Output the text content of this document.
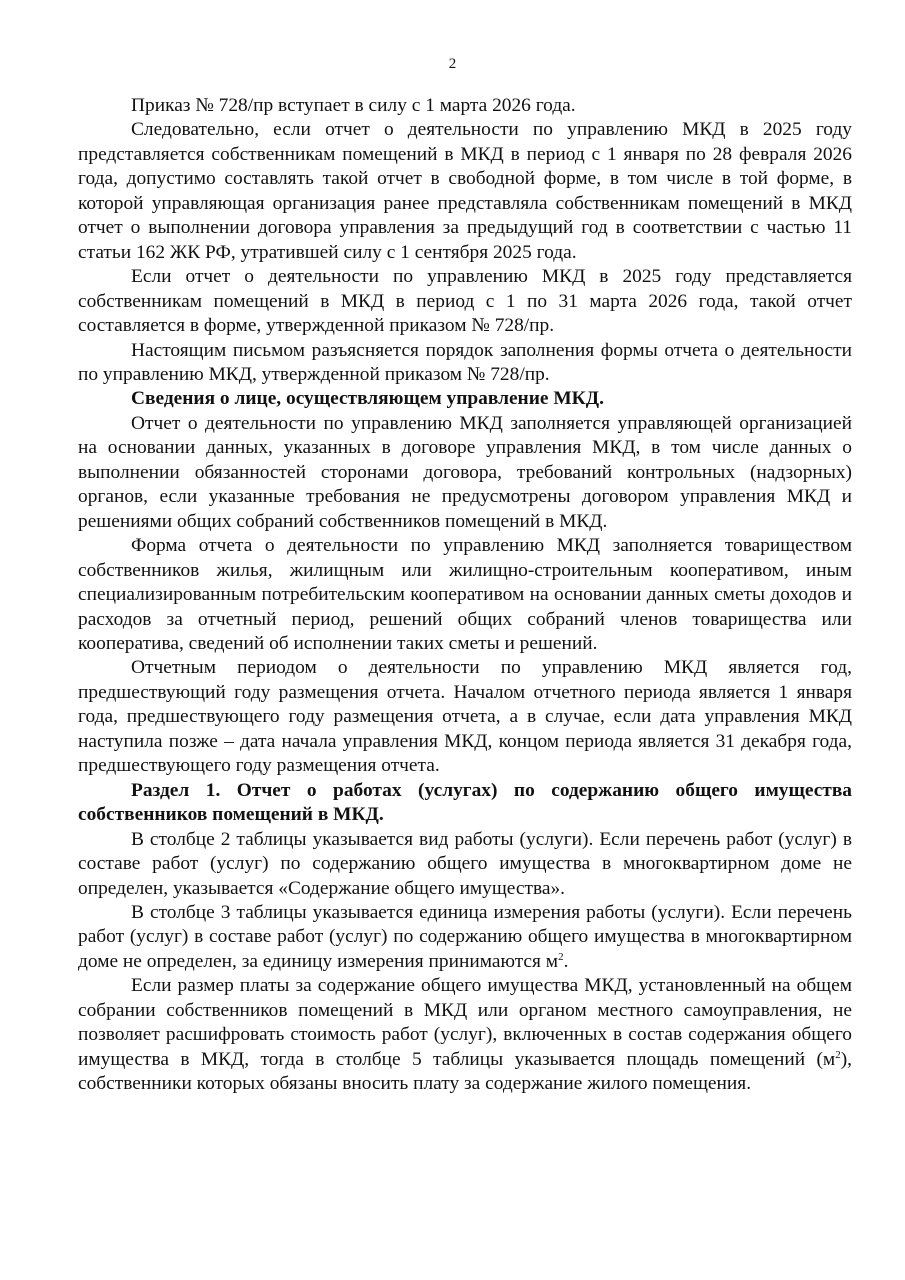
2

Приказ № 728/пр вступает в силу с 1 марта 2026 года.

Следовательно, если отчет о деятельности по управлению МКД в 2025 году представляется собственникам помещений в МКД в период с 1 января по 28 февраля 2026 года, допустимо составлять такой отчет в свободной форме, в том числе в той форме, в которой управляющая организация ранее представляла собственникам помещений в МКД отчет о выполнении договора управления за предыдущий год в соответствии с частью 11 статьи 162 ЖК РФ, утратившей силу с 1 сентября 2025 года.

Если отчет о деятельности по управлению МКД в 2025 году представляется собственникам помещений в МКД в период с 1 по 31 марта 2026 года, такой отчет составляется в форме, утвержденной приказом № 728/пр.

Настоящим письмом разъясняется порядок заполнения формы отчета о деятельности по управлению МКД, утвержденной приказом № 728/пр.

Сведения о лице, осуществляющем управление МКД.

Отчет о деятельности по управлению МКД заполняется управляющей организацией на основании данных, указанных в договоре управления МКД, в том числе данных о выполнении обязанностей сторонами договора, требований контрольных (надзорных) органов, если указанные требования не предусмотрены договором управления МКД и решениями общих собраний собственников помещений в МКД.

Форма отчета о деятельности по управлению МКД заполняется товариществом собственников жилья, жилищным или жилищно-строительным кооперативом, иным специализированным потребительским кооперативом на основании данных сметы доходов и расходов за отчетный период, решений общих собраний членов товарищества или кооператива, сведений об исполнении таких сметы и решений.

Отчетным периодом о деятельности по управлению МКД является год, предшествующий году размещения отчета. Началом отчетного периода является 1 января года, предшествующего году размещения отчета, а в случае, если дата управления МКД наступила позже – дата начала управления МКД, концом периода является 31 декабря года, предшествующего году размещения отчета.

Раздел 1. Отчет о работах (услугах) по содержанию общего имущества собственников помещений в МКД.

В столбце 2 таблицы указывается вид работы (услуги). Если перечень работ (услуг) в составе работ (услуг) по содержанию общего имущества в многоквартирном доме не определен, указывается «Содержание общего имущества».

В столбце 3 таблицы указывается единица измерения работы (услуги). Если перечень работ (услуг) в составе работ (услуг) по содержанию общего имущества в многоквартирном доме не определен, за единицу измерения принимаются $м^2$.

Если размер платы за содержание общего имущества МКД, установленный на общем собрании собственников помещений в МКД или органом местного самоуправления, не позволяет расшифровать стоимость работ (услуг), включенных в состав содержания общего имущества в МКД, тогда в столбце 5 таблицы указывается площадь помещений $(м^2)$, собственники которых обязаны вносить плату за содержание жилого помещения.
